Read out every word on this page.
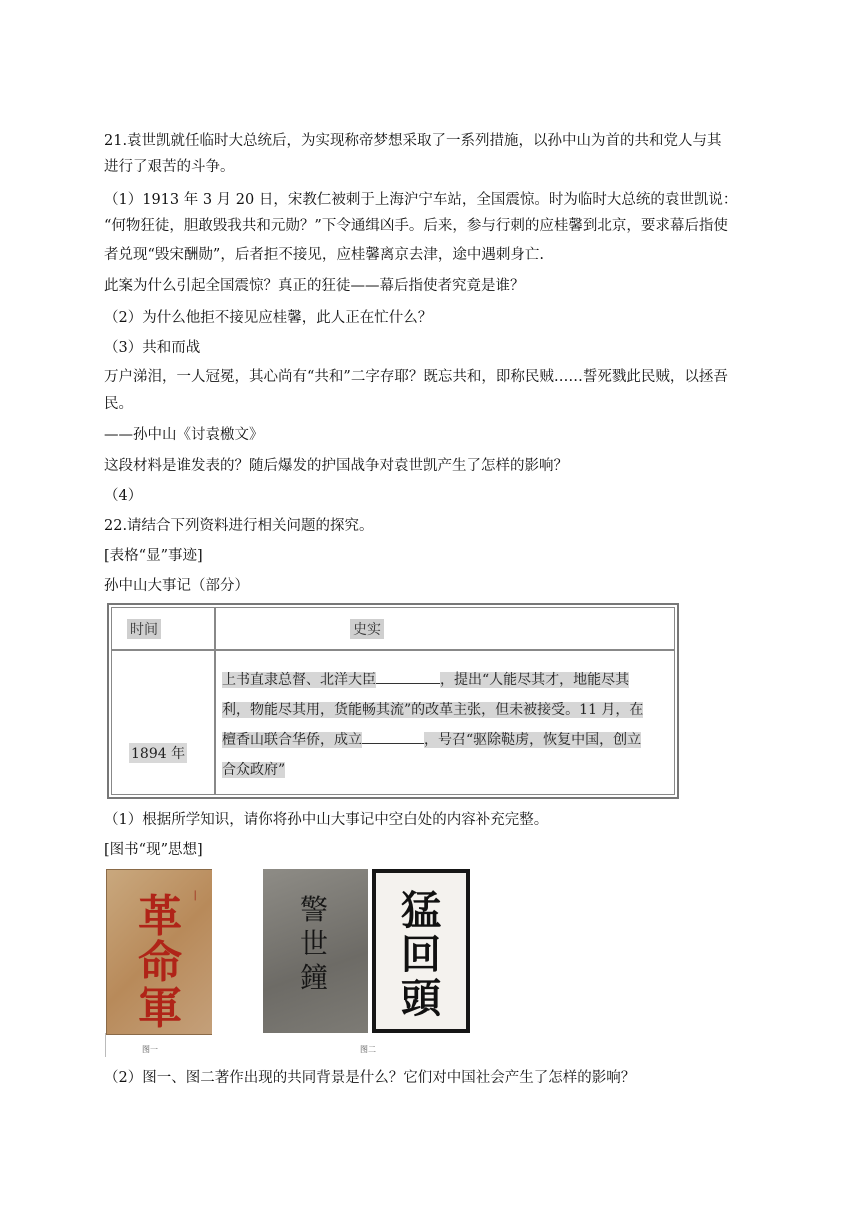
21.袁世凯就任临时大总统后，为实现称帝梦想采取了一系列措施，以孙中山为首的共和党人与其
进行了艰苦的斗争。
（1）1913 年 3 月 20 日，宋教仁被刺于上海沪宁车站，全国震惊。时为临时大总统的袁世凯说：
“何物狂徒，胆敢毁我共和元勋？”下令通缉凶手。后来，参与行刺的应桂馨到北京，要求幕后指使
者兑现“毁宋酬勋”，后者拒不接见，应桂馨离京去津，途中遇刺身亡.
此案为什么引起全国震惊？真正的狂徒——幕后指使者究竟是谁？
（2）为什么他拒不接见应桂馨，此人正在忙什么？
（3）共和而战
万户涕泪，一人冠冕，其心尚有“共和”二字存耶？既忘共和，即称民贼……誓死戮此民贼，以拯吾
民。
——孙中山《讨袁檄文》
这段材料是谁发表的？随后爆发的护国战争对袁世凯产生了怎样的影响？
（4）
22.请结合下列资料进行相关问题的探究。
[表格“显”事迹]
孙中山大事记（部分）
时间	史实
1894 年
上书直隶总督、北洋大臣	，提出“人能尽其才，地能尽其
利，物能尽其用，货能畅其流”的改革主张，但未被接受。11 月，在
檀香山联合华侨，成立	，号召“驱除鞑虏，恢复中国，创立
合众政府”
（1）根据所学知识，请你将孙中山大事记中空白处的内容补充完整。
[图书“现”思想]
❘
革命軍
警世鐘
猛回頭
图一	图二
（2）图一、图二著作出现的共同背景是什么？它们对中国社会产生了怎样的影响？
